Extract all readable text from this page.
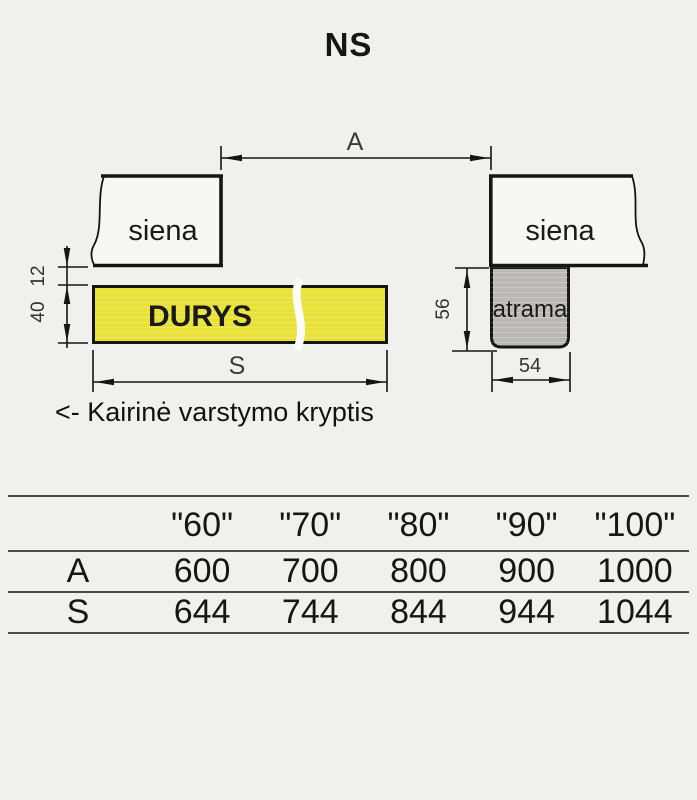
NS
siena	siena
atrama
DURYS
A
S
12
40	56
54
<- Kairinė varstymo kryptis
	"60"	"70"	"80"	"90"	"100"
A	600	700	800	900	1000
S	644	744	844	944	1044
